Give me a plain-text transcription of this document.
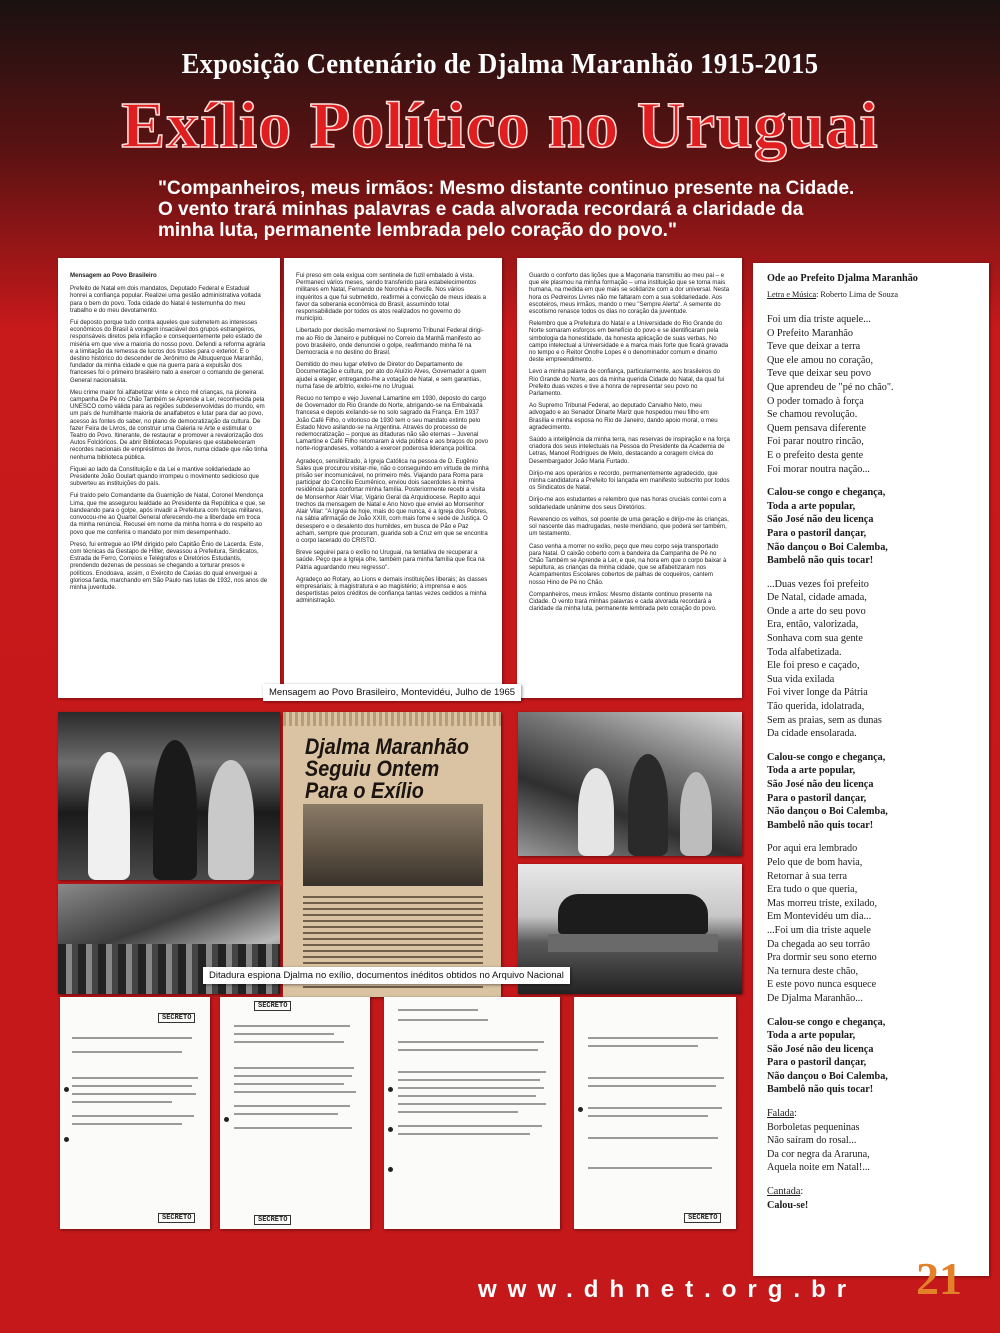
Exposição Centenário de Djalma Maranhão 1915-2015
Exílio Político no Uruguai
"Companheiros, meus irmãos: Mesmo distante continuo presente na Cidade. O vento trará minhas palavras e cada alvorada recordará a claridade da minha luta, permanente lembrada pelo coração do povo."

Mensagem ao Povo Brasileiro

Prefeito de Natal em dois mandatos, Deputado Federal e Estadual honrei a confiança popular. Realizei uma gestão administrativa voltada para o bem do povo. Toda cidade do Natal é testemunha do meu trabalho e do meu devotamento.

Fui deposto porque tudo contra aqueles que submetem as interesses econômicos do Brasil à voragem insaciável dos grupos estrangeiros, responsáveis diretos pela inflação e consequentemente pelo estado de miséria em que vive a maioria do nosso povo. Defendi a reforma agrária e a limitação da remessa de lucros dos trustes para o exterior. E o destino histórico do descender de Jerônimo de Albuquerque Maranhão, fundador da minha cidade e que na guerra para a expulsão dos franceses foi o primeiro brasileiro nato a exercer o comando de general. General nacionalista.

Meu crime maior foi alfabetizar vinte e cinco mil crianças, na pioneira campanha De Pé no Chão Também se Aprende a Ler, reconhecida pela UNESCO como válida para as regiões subdesenvolvidas do mundo, em um país de humilhante maioria de analfabetos e lutar para dar ao povo, acesso às fontes do saber, no plano de democratização da cultura. De fazer Feira de Livros, de construir uma Galeria re Arte e estimular o Teatro do Povo. Itinerante, de restaurar e promover a revalorização dos Autos Folclóricos. De abrir Bibliotecas Populares que estabeleceram recordes nacionais de empréstimos de livros, numa cidade que não tinha nenhuma biblioteca pública.

Fiquei ao lado da Constituição e da Lei e mantive solidariedade ao Presidente João Goulart quando irrompeu o movimento sedicioso que subverteu as instituições do país.

Fui traído pelo Comandante da Guarnição de Natal, Coronel Mendonça Lima, que me assegurou lealdade ao Presidente da República e que, se bandeando para o golpe, após invadir a Prefeitura com forças militares, convocou-me ao Quartel General oferecendo-me a liberdade em troca da minha renúncia. Recusei em nome da minha honra e do respeito ao povo que me conferira o mandato por mim desempenhado.

Preso, fui entregue ao IPM dirigido pelo Capitão Ênio de Lacerda. Este, com técnicas da Gestapo de Hitler, devassou a Prefeitura, Sindicatos, Estrada de Ferro, Correios e Telégrafos e Diretórios Estudantis, prendendo dezenas de pessoas se chegando a torturar presos e políticos. Enodoava, assim, o Exército de Caxias do qual enverguei a gloriosa farda, marchando em São Paulo nas lutas de 1932, nos anos de minha juventude.

Fui preso em cela exígua com sentinela de fuzil embalado à vista. Permaneci vários meses, sendo transferido para estabelecimentos militares em Natal, Fernando de Noronha e Recife. Nos vários inquéritos a que fui submetido, reafirmei a convicção de meus ideais a favor da soberania econômica do Brasil, assumindo total responsabilidade por todos os atos realizados no governo do município.

Libertado por decisão memorável no Supremo Tribunal Federal dirigi-me ao Rio de Janeiro e publiquei no Correio da Manhã manifesto ao povo brasileiro, onde denunciei o golpe, reafirmando minha fé na Democracia e no destino do Brasil.

Demitido do meu lugar efetivo de Diretor do Departamento de Documentação e cultura, por ato do Aluízio Alves, Governador a quem ajudei a eleger, entregando-lhe a votação de Natal, e sem garantias, numa fase de arbítrio, exilei-me no Uruguai.

Recuo no tempo e vejo Juvenal Lamartine em 1930, deposto do cargo de Governador do Rio Grande do Norte, abrigando-se na Embaixada francesa e depois exilando-se no solo sagrado da França. Em 1937 João Café Filho, o vitorioso de 1930 tem o seu mandato extinto pelo Estado Novo asilando-se na Argentina. Através do processo de redemocratização – porque as ditaduras não são eternas – Juvenal Lamartine e Café Filho retornaram à vida pública e aos braços do povo norte-riograndeses, voltando a exercer poderosa liderança política.

Agradeço, sensibilizado, à Igreja Católica na pessoa de D. Eugênio Sales que procurou visitar-me, não o conseguindo em virtude de minha prisão ser incomunicável, no primeiro mês. Viajando para Roma para participar do Concílio Ecumênico, enviou dois sacerdotes à minha residência para confortar minha família. Posteriormente recebi a visita de Monsenhor Alair Vilar, Vigário Geral da Arquidiocese. Repito aqui trechos da mensagem de Natal e Ano Novo que enviei ao Monsenhor Alair Vilar: "A Igreja de hoje, mais do que nunca, é a Igreja dos Pobres, na sábia afirmação de João XXIII, com mais fome e sede de Justiça. O desespero e o desalento dos humildes, em busca de Pão e Paz acham, sempre que procuram, guarida sob a Cruz em que se encontra o corpo lacerado do CRISTO.

Breve seguirei para o exílio no Uruguai, na tentativa de recuperar a saúde. Peço que a Igreja ofre, também para minha família que fica na Pátria aguardando meu regresso".

Agradeço ao Rotary, ao Lions e demais instituições liberais; às classes empresariais; à magistratura e ao magistério; à imprensa e aos despertistas pelos créditos de confiança tantas vezes cedidos a minha administração.

Guardo o conforto das lições que a Maçonaria transmitiu ao meu pai – e que ele plasmou na minha formação – uma instituição que se torna mais humana, na medida em que mais se solidarize com a dor universal. Nesta hora os Pedreiros Livres não me faltaram com a sua solidariedade. Aos escoteiros, meus irmãos, mando o meu "Sempre Alerta". A semente do escotismo renasce todos os dias no coração da juventude.

Relembro que a Prefeitura do Natal e a Universidade do Rio Grande do Norte somaram esforços em benefício do povo e se identificaram pela simbologia da honestidade, da honesta aplicação de suas verbas. No campo intelectual a Universidade e a marca mais forte que ficará gravada no tempo e o Reitor Onofre Lopes é o denominador comum e dinamo deste empreendimento.

Levo a minha palavra de confiança, particularmente, aos brasileiros do Rio Grande do Norte, aos da minha querida Cidade do Natal, da qual fui Prefeito duas vezes e tive a honra de representar seu povo no Parlamento.

Ao Supremo Tribunal Federal, ao deputado Carvalho Neto, meu advogado e ao Senador Dinarte Mariz que hospedou meu filho em Brasília e minha esposa no Rio de Janeiro, dando apoio moral, o meu agradecimento.

Saúdo a inteligência da minha terra, nas reservas de inspiração e na força criadora dos seus intelectuais na Pessoa do Presidente da Academia de Letras, Manoel Rodrigues de Melo, destacando a coragem cívica do Desembargador João Maria Furtado.

Dirijo-me aos operários e recordo, permanentemente agradecido, que minha candidatura a Prefeito foi lançada em manifesto subscrito por todos os Sindicatos de Natal.

Dirijo-me aos estudantes e relembro que nas horas cruciais contei com a solidariedade unânime dos seus Diretórios.

Reverencio os velhos, sol poente de uma geração e dirijo-me às crianças, sol nascente das madrugadas, neste meridiano, que poderá ser também, um testamento.

Caso venha a morrer no exílio, peço que meu corpo seja transportado para Natal. O caixão coberto com a bandeira da Campanha de Pé no Chão Também se Aprende a Ler, e que, na hora em que o corpo baixar à sepultura, as crianças da minha cidade, que se alfabetizaram nos Acampamentos Escolares cobertos de palhas de coqueiros, cantem nosso Hino de Pé no Chão.

Companheiros, meus irmãos: Mesmo distante continuo presente na Cidade. O vento trará minhas palavras e cada alvorada recordará a claridade da minha luta, permanente lembrada pelo coração do povo.

Mensagem ao Povo Brasileiro, Montevidéu, Julho de 1965
Djalma Maranhão Seguiu Ontem Para o Exílio
Ditadura espiona Djalma no exílio, documentos inéditos obtidos no Arquivo Nacional
SECRETO
SECRETO
SECRETO
SECRETO	SECRETO
Ode ao Prefeito Djalma Maranhão
Letra e Música: Roberto Lima de Souza
Foi um dia triste aquele...
O Prefeito Maranhão
Teve que deixar a terra
Que ele amou no coração,
Teve que deixar seu povo
Que aprendeu de "pé no chão".
O poder tomado à força
Se chamou revolução.
Quem pensava diferente
Foi parar noutro rincão,
E o prefeito desta gente
Foi morar noutra nação...
Calou-se congo e chegança,
Toda a arte popular,
São José não deu licença
Para o pastoril dançar,
Não dançou o Boi Calemba,
Bambelô não quis tocar!
...Duas vezes foi prefeito
De Natal, cidade amada,
Onde a arte do seu povo
Era, então, valorizada,
Sonhava com sua gente
Toda alfabetizada.
Ele foi preso e caçado,
Sua vida exilada
Foi viver longe da Pátria
Tão querida, idolatrada,
Sem as praias, sem as dunas
Da cidade ensolarada.
Calou-se congo e chegança,
Toda a arte popular,
São José não deu licença
Para o pastoril dançar,
Não dançou o Boi Calemba,
Bambelô não quis tocar!
Por aqui era lembrado
Pelo que de bom havia,
Retornar à sua terra
Era tudo o que queria,
Mas morreu triste, exilado,
Em Montevidéu um dia...
...Foi um dia triste aquele
Da chegada ao seu torrão
Pra dormir seu sono eterno
Na ternura deste chão,
E este povo nunca esquece
De Djalma Maranhão...
Calou-se congo e chegança,
Toda a arte popular,
São José não deu licença
Para o pastoril dançar,
Não dançou o Boi Calemba,
Bambelô não quis tocar!
Falada:
Borboletas pequeninas
Não saíram do rosal...
Da cor negra da Araruna,
Aquela noite em Natal!...
Cantada:
Calou-se!
www.dhnet.org.br 21
